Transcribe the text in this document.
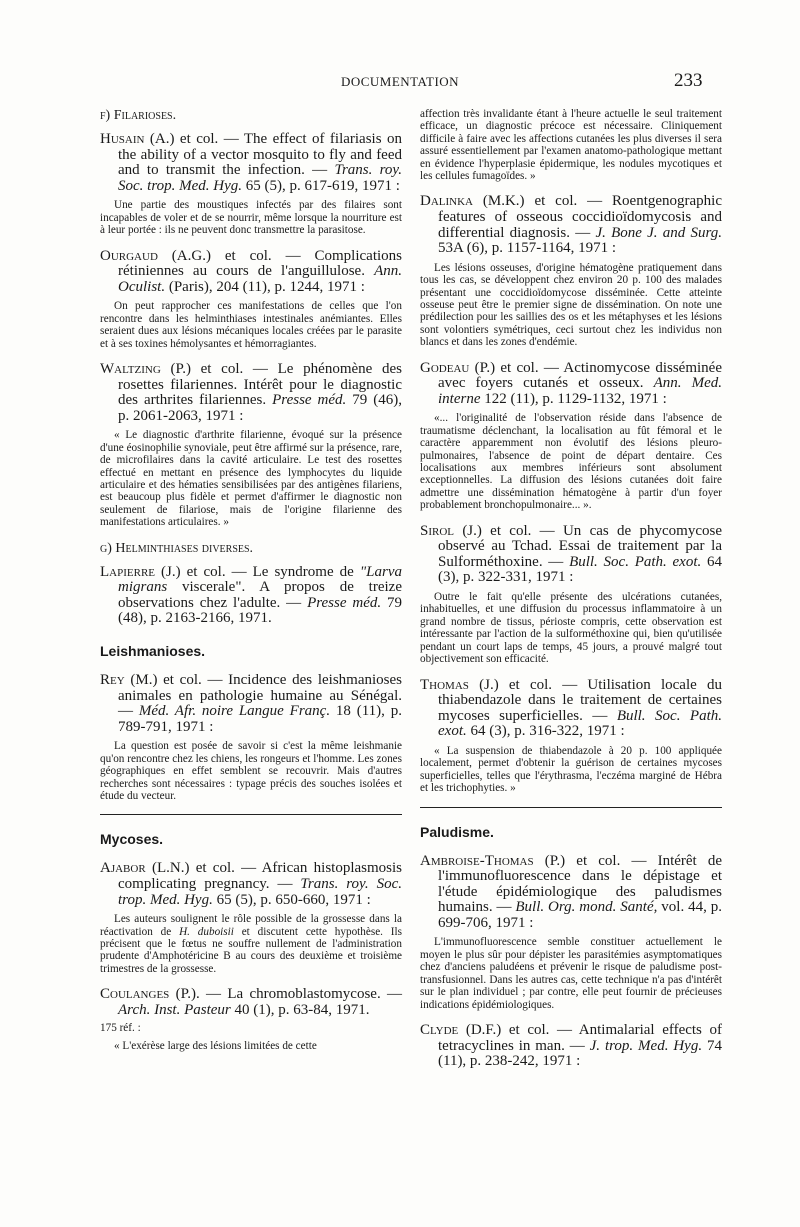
DOCUMENTATION	233
f) Filarioses.
Husain (A.) et col. — The effect of filariasis on the ability of a vector mosquito to fly and feed and to transmit the infection. — Trans. roy. Soc. trop. Med. Hyg. 65 (5), p. 617-619, 1971 :
Une partie des moustiques infectés par des filaires sont incapables de voler et de se nourrir, même lorsque la nourriture est à leur portée : ils ne peuvent donc transmettre la parasitose.
Ourgaud (A.G.) et col. — Complications rétiniennes au cours de l'anguillulose. Ann. Oculist. (Paris), 204 (11), p. 1244, 1971 :
On peut rapprocher ces manifestations de celles que l'on rencontre dans les helminthiases intestinales anémiantes. Elles seraient dues aux lésions mécaniques locales créées par le parasite et à ses toxines hémolysantes et hémorragiantes.
Waltzing (P.) et col. — Le phénomène des rosettes filariennes. Intérêt pour le diagnostic des arthrites filariennes. Presse méd. 79 (46), p. 2061-2063, 1971 :
« Le diagnostic d'arthrite filarienne, évoqué sur la présence d'une éosinophilie synoviale, peut être affirmé sur la présence, rare, de microfilaires dans la cavité articulaire. Le test des rosettes effectué en mettant en présence des lymphocytes du liquide articulaire et des hématies sensibilisées par des antigènes filariens, est beaucoup plus fidèle et permet d'affirmer le diagnostic non seulement de filariose, mais de l'origine filarienne des manifestations articulaires. »
g) Helminthiases diverses.
Lapierre (J.) et col. — Le syndrome de "Larva migrans viscerale". A propos de treize observations chez l'adulte. — Presse méd. 79 (48), p. 2163-2166, 1971.
Leishmanioses.
Rey (M.) et col. — Incidence des leishmanioses animales en pathologie humaine au Sénégal. — Méd. Afr. noire Langue Franç. 18 (11), p. 789-791, 1971 :
La question est posée de savoir si c'est la même leishmanie qu'on rencontre chez les chiens, les rongeurs et l'homme. Les zones géographiques en effet semblent se recouvrir. Mais d'autres recherches sont nécessaires : typage précis des souches isolées et étude du vecteur.
Mycoses.
Ajabor (L.N.) et col. — African histoplasmosis complicating pregnancy. — Trans. roy. Soc. trop. Med. Hyg. 65 (5), p. 650-660, 1971 :
Les auteurs soulignent le rôle possible de la grossesse dans la réactivation de H. duboisii et discutent cette hypothèse. Ils précisent que le fœtus ne souffre nullement de l'administration prudente d'Amphotéricine B au cours des deuxième et troisième trimestres de la grossesse.
Coulanges (P.). — La chromoblastomycose. — Arch. Inst. Pasteur 40 (1), p. 63-84, 1971.
175 réf. :
« L'exérèse large des lésions limitées de cette
affection très invalidante étant à l'heure actuelle le seul traitement efficace, un diagnostic précoce est nécessaire. Cliniquement difficile à faire avec les affections cutanées les plus diverses il sera assuré essentiellement par l'examen anatomo-pathologique mettant en évidence l'hyperplasie épidermique, les nodules mycotiques et les cellules fumagoïdes. »
Dalinka (M.K.) et col. — Roentgenographic features of osseous coccidioïdomycosis and differential diagnosis. — J. Bone J. and Surg. 53A (6), p. 1157-1164, 1971 :
Les lésions osseuses, d'origine hématogène pratiquement dans tous les cas, se développent chez environ 20 p. 100 des malades présentant une coccidioïdomycose disséminée. Cette atteinte osseuse peut être le premier signe de dissémination. On note une prédilection pour les saillies des os et les métaphyses et les lésions sont volontiers symétriques, ceci surtout chez les individus non blancs et dans les zones d'endémie.
Godeau (P.) et col. — Actinomycose disséminée avec foyers cutanés et osseux. Ann. Med. interne 122 (11), p. 1129-1132, 1971 :
«... l'originalité de l'observation réside dans l'absence de traumatisme déclenchant, la localisation au fût fémoral et le caractère apparemment non évolutif des lésions pleuro-pulmonaires, l'absence de point de départ dentaire. Ces localisations aux membres inférieurs sont absolument exceptionnelles. La diffusion des lésions cutanées doit faire admettre une dissémination hématogène à partir d'un foyer probablement bronchopulmonaire... ».
Sirol (J.) et col. — Un cas de phycomycose observé au Tchad. Essai de traitement par la Sulforméthoxine. — Bull. Soc. Path. exot. 64 (3), p. 322-331, 1971 :
Outre le fait qu'elle présente des ulcérations cutanées, inhabituelles, et une diffusion du processus inflammatoire à un grand nombre de tissus, périoste compris, cette observation est intéressante par l'action de la sulforméthoxine qui, bien qu'utilisée pendant un court laps de temps, 45 jours, a prouvé malgré tout objectivement son efficacité.
Thomas (J.) et col. — Utilisation locale du thiabendazole dans le traitement de certaines mycoses superficielles. — Bull. Soc. Path. exot. 64 (3), p. 316-322, 1971 :
« La suspension de thiabendazole à 20 p. 100 appliquée localement, permet d'obtenir la guérison de certaines mycoses superficielles, telles que l'érythrasma, l'eczéma marginé de Hébra et les trichophyties. »
Paludisme.
Ambroise-Thomas (P.) et col. — Intérêt de l'immunofluorescence dans le dépistage et l'étude épidémiologique des paludismes humains. — Bull. Org. mond. Santé, vol. 44, p. 699-706, 1971 :
L'immunofluorescence semble constituer actuellement le moyen le plus sûr pour dépister les parasitémies asymptomatiques chez d'anciens paludéens et prévenir le risque de paludisme post-transfusionnel. Dans les autres cas, cette technique n'a pas d'intérêt sur le plan individuel ; par contre, elle peut fournir de précieuses indications épidémiologiques.
Clyde (D.F.) et col. — Antimalarial effects of tetracyclines in man. — J. trop. Med. Hyg. 74 (11), p. 238-242, 1971 :
